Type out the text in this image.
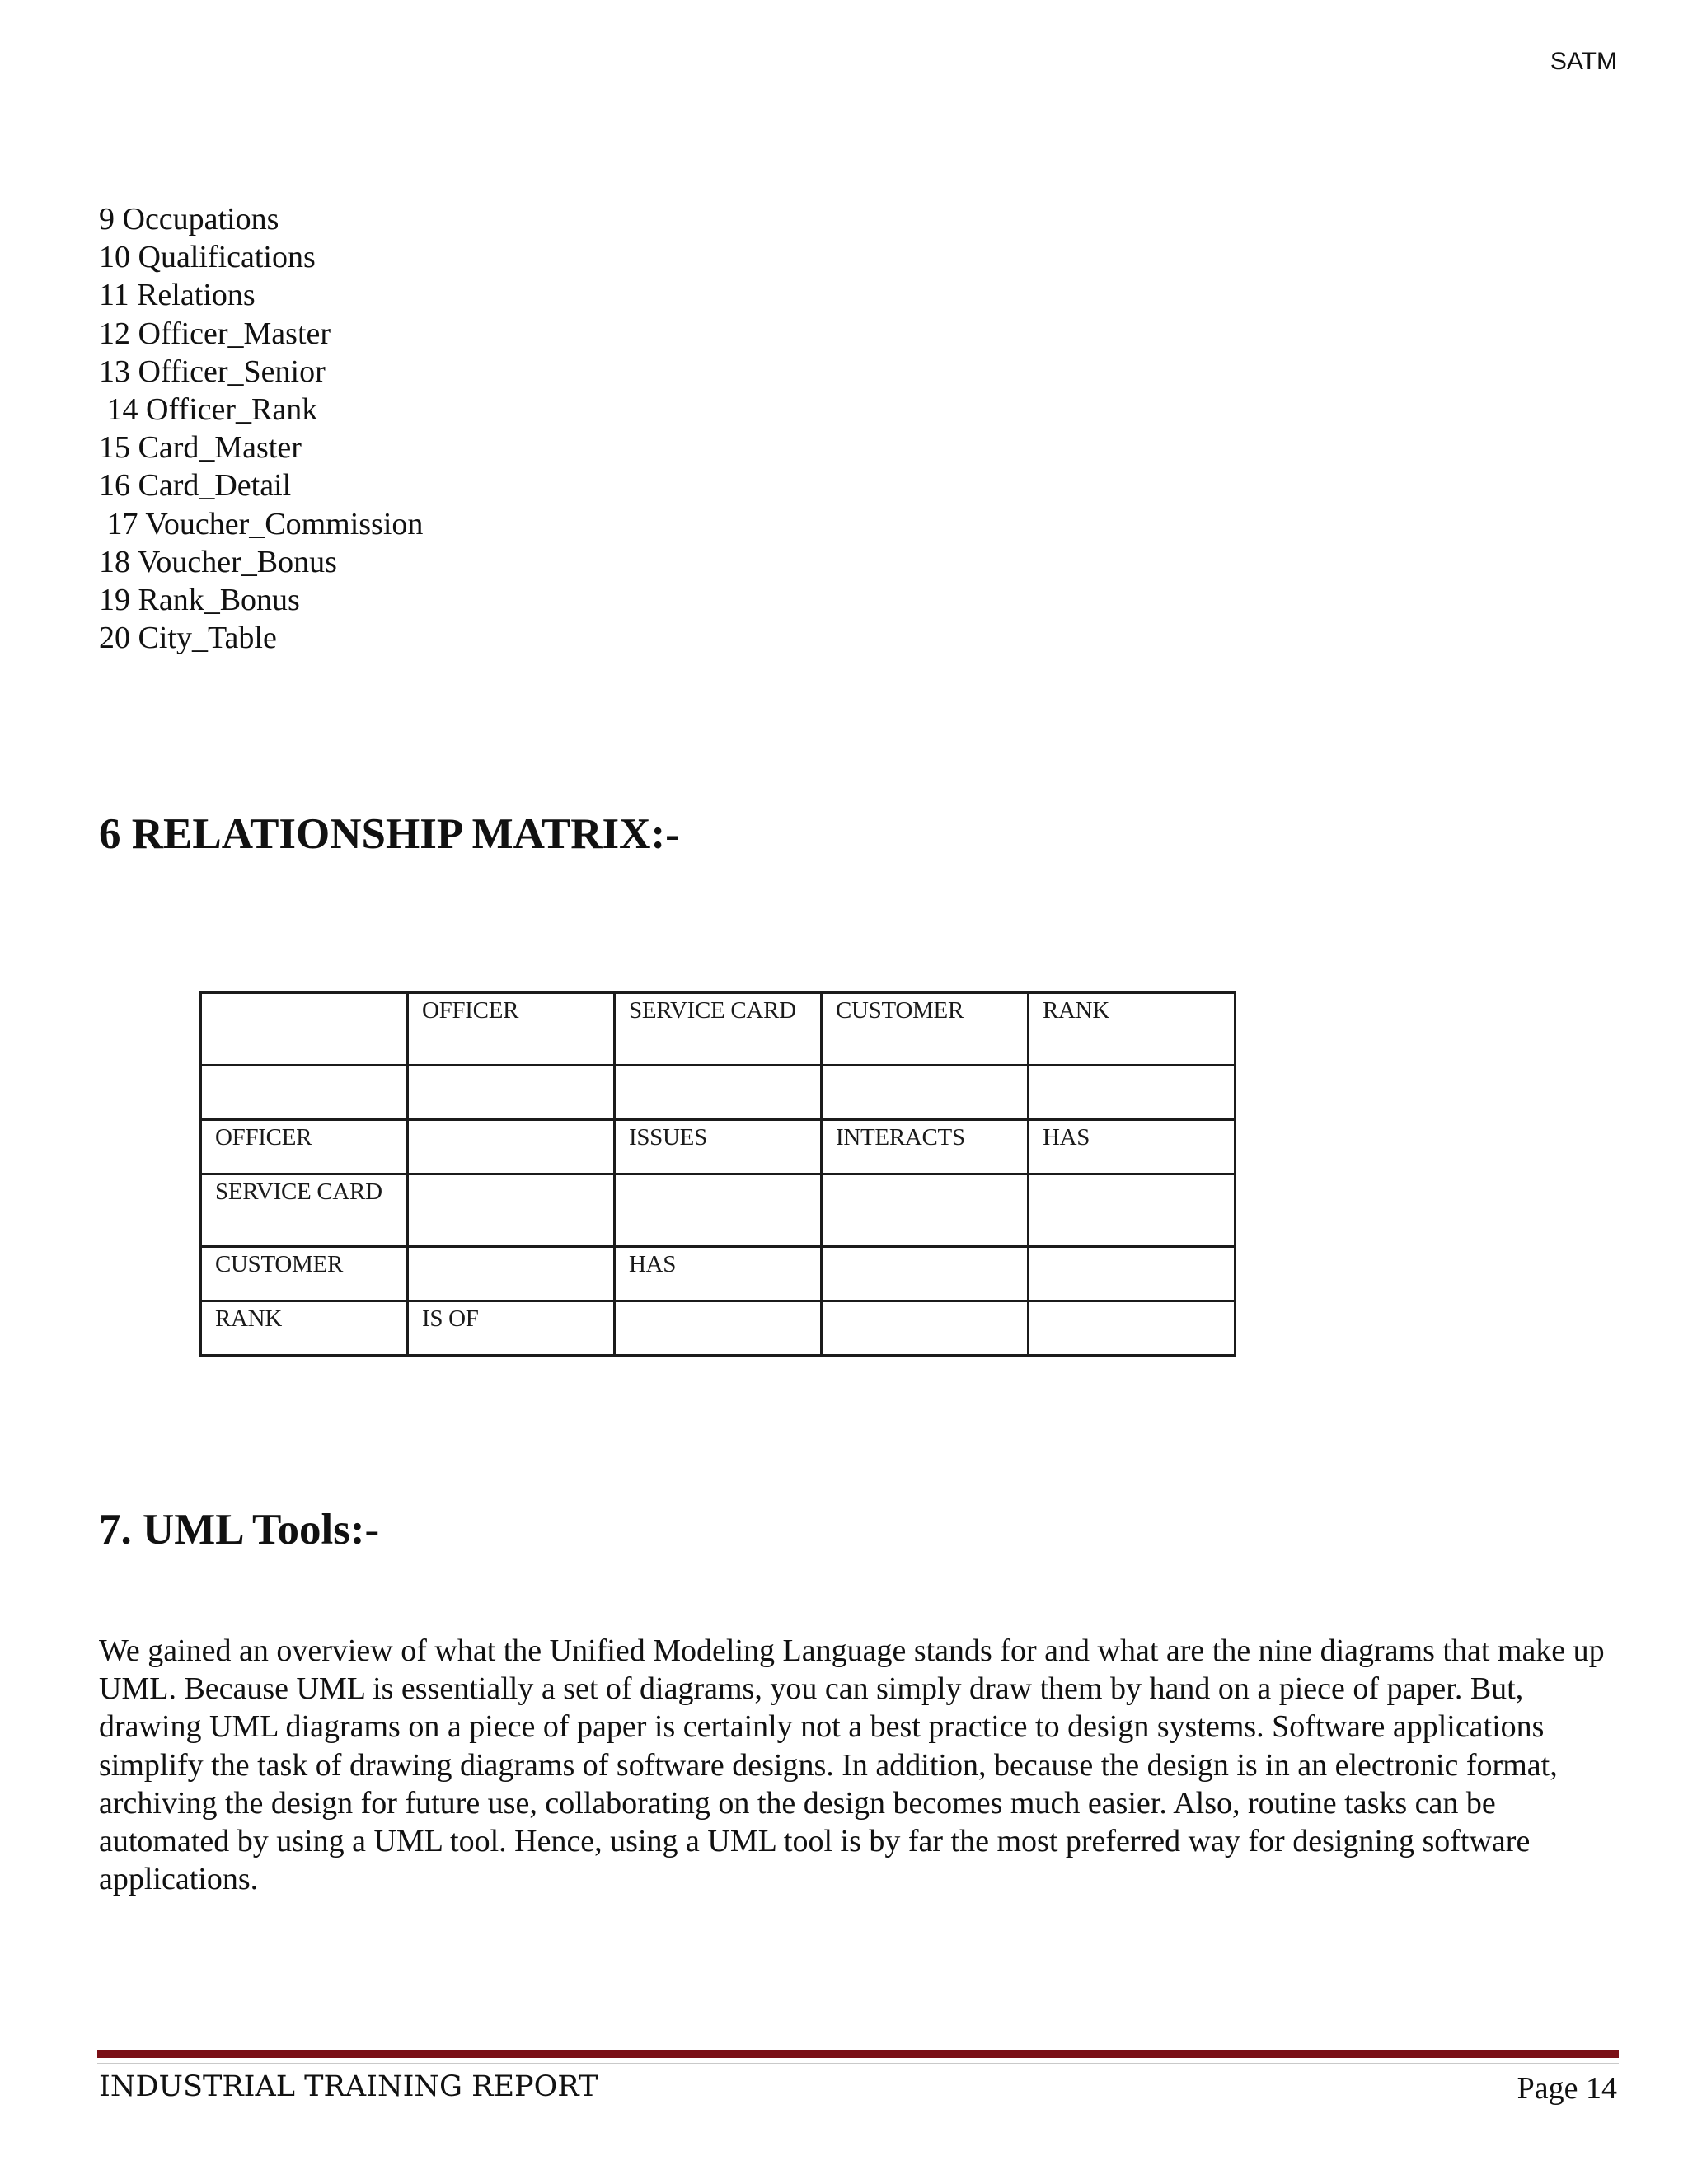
SATM
9 Occupations
10 Qualifications
11 Relations
12 Officer_Master
13 Officer_Senior
14 Officer_Rank
15 Card_Master
16 Card_Detail
17 Voucher_Commission
18 Voucher_Bonus
19 Rank_Bonus
20 City_Table
6 RELATIONSHIP MATRIX:-
	OFFICER	SERVICE CARD	CUSTOMER	RANK

OFFICER		ISSUES	INTERACTS	HAS
SERVICE CARD				
CUSTOMER		HAS		
RANK	IS OF			
7. UML Tools:-

We gained an overview of what the Unified Modeling Language stands for and what are the nine diagrams that make up UML. Because UML is essentially a set of diagrams, you can simply draw them by hand on a piece of paper. But, drawing UML diagrams on a piece of paper is certainly not a best practice to design systems. Software applications simplify the task of drawing diagrams of software designs. In addition, because the design is in an electronic format, archiving the design for future use, collaborating on the design becomes much easier. Also, routine tasks can be automated by using a UML tool. Hence, using a UML tool is by far the most preferred way for designing software applications.

INDUSTRIAL TRAINING REPORT	Page 14
